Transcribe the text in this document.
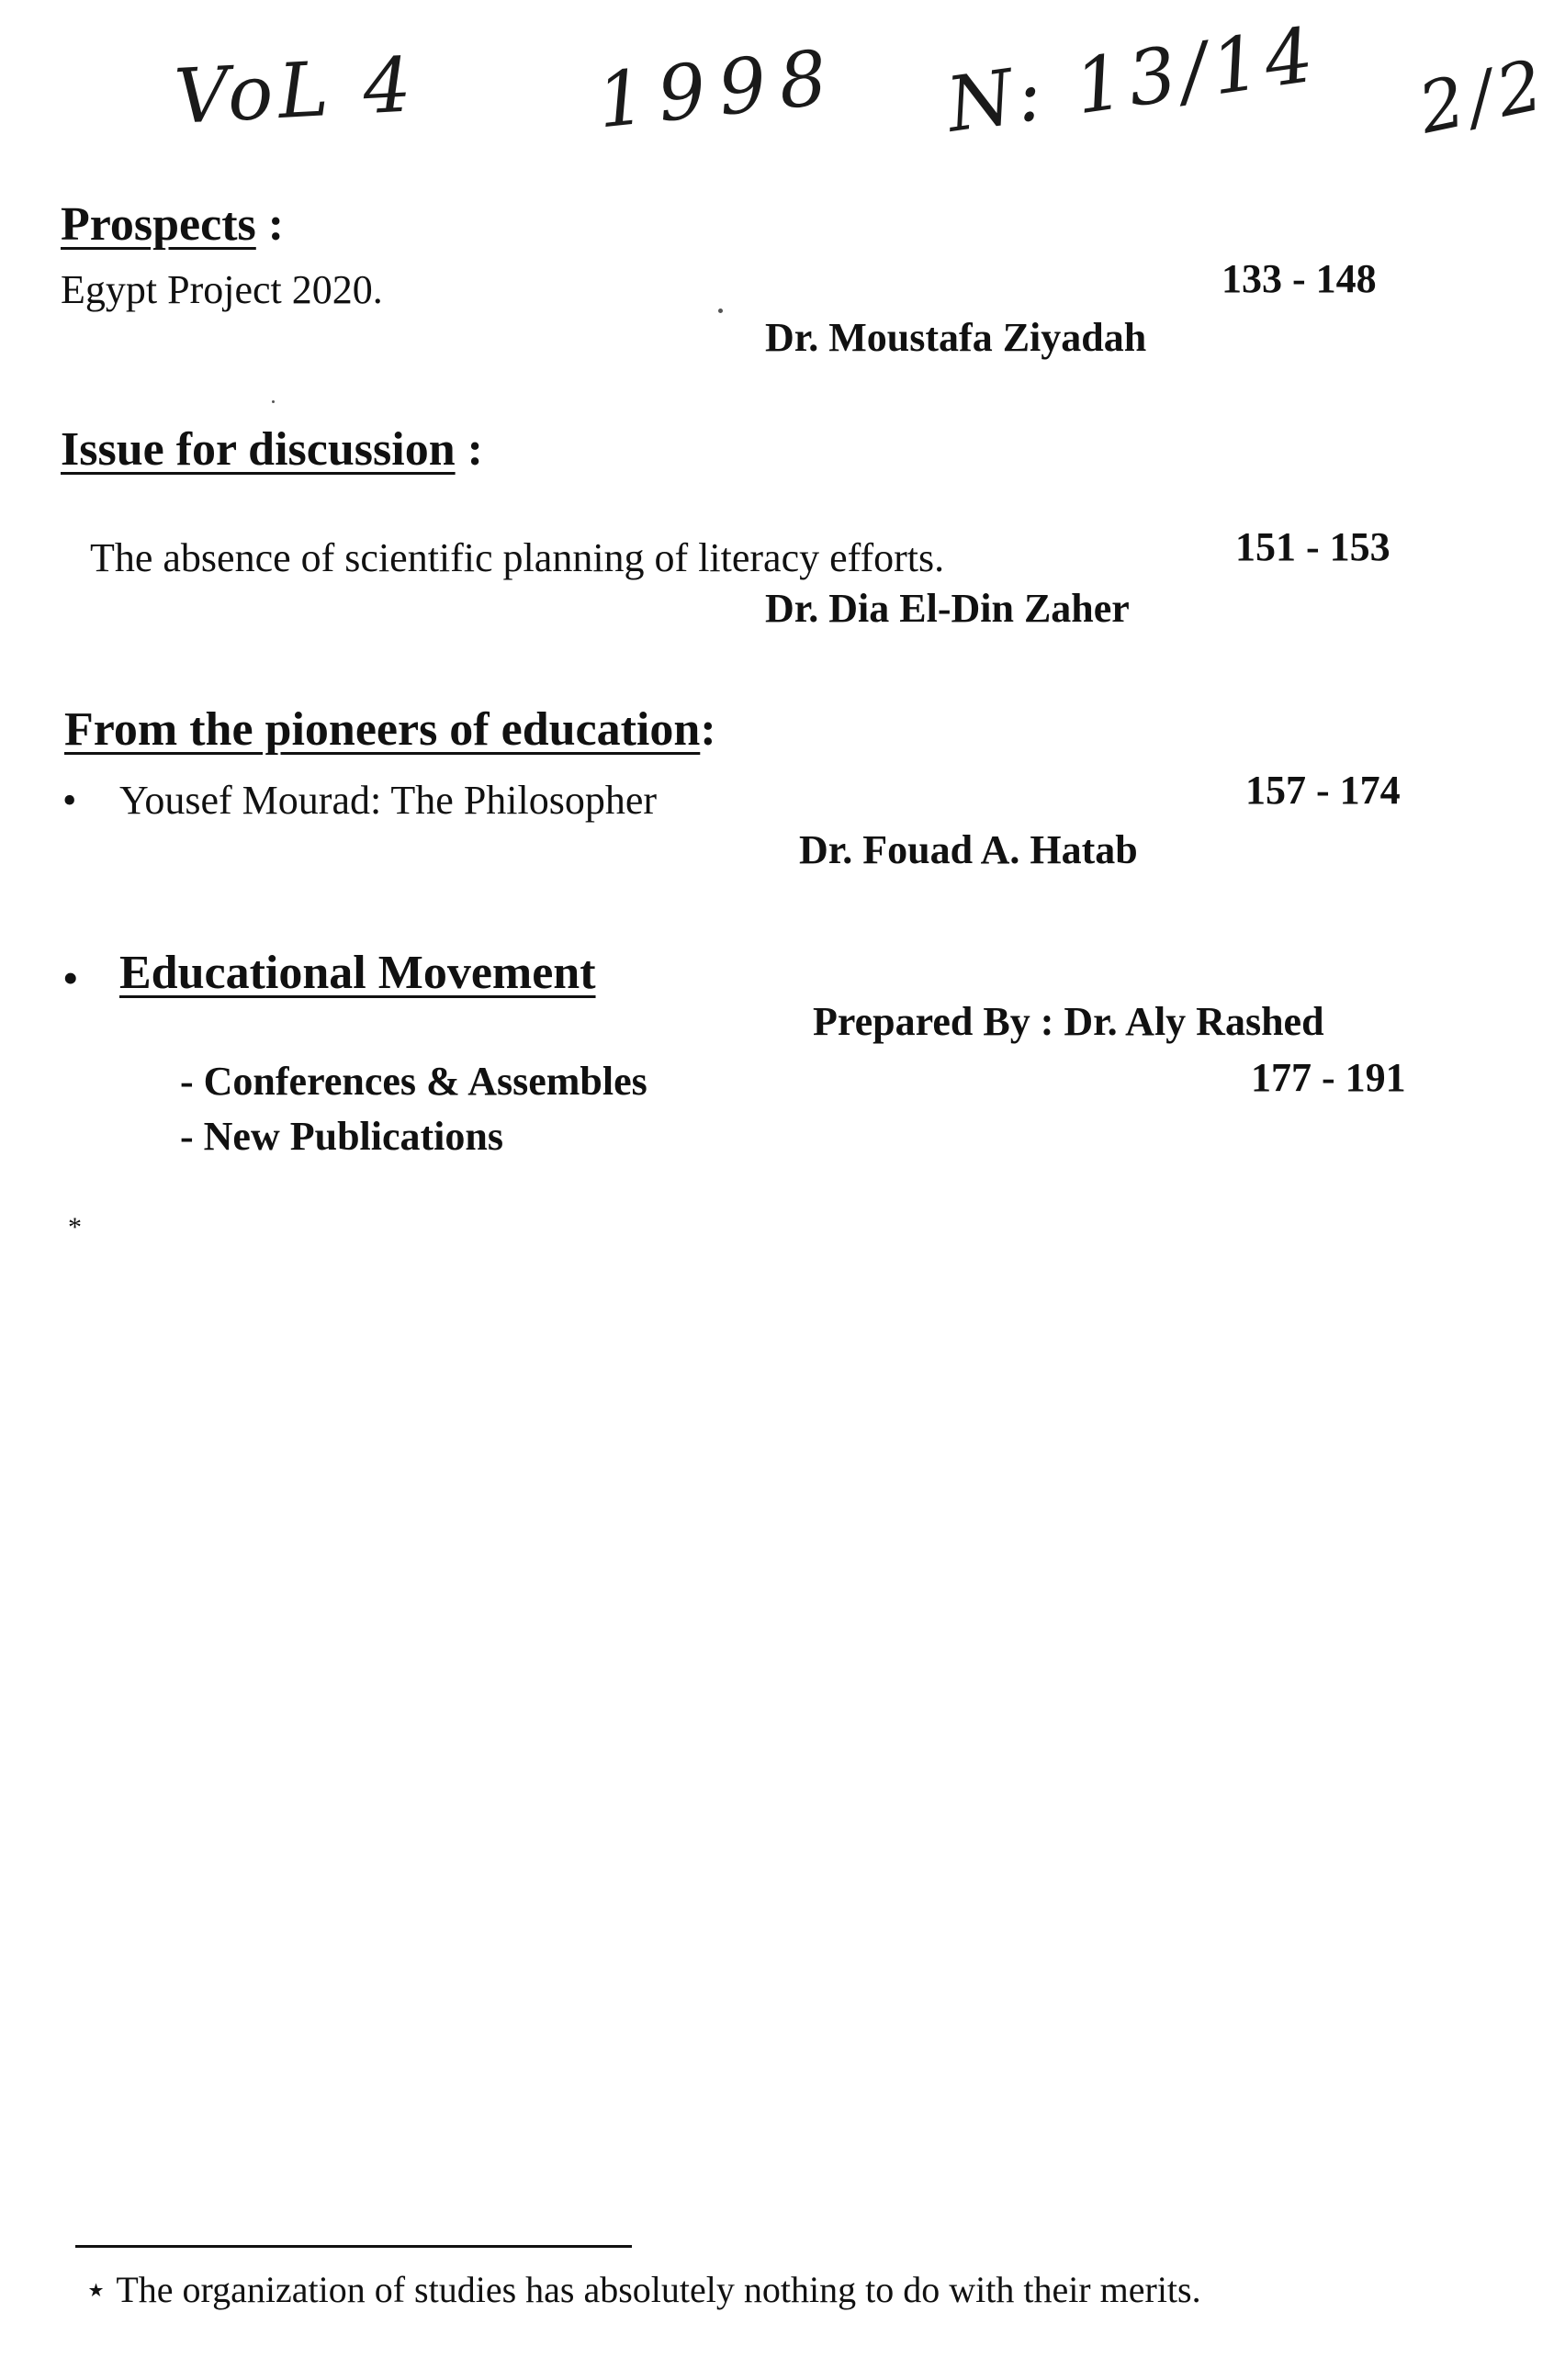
VoL 4 1998 N: 13/14 2/2
Prospects :
Egypt Project 2020.	133 - 148
Dr. Moustafa Ziyadah
Issue for discussion :
The absence of scientific planning of literacy efforts.	151 - 153
Dr. Dia El-Din Zaher
From the pioneers of education:
• Yousef Mourad: The Philosopher	157 - 174
Dr. Fouad A. Hatab
• Educational Movement
Prepared By : Dr. Aly Rashed
- Conferences & Assembles	177 - 191
- New Publications
*
⋆ The organization of studies has absolutely nothing to do with their merits.
